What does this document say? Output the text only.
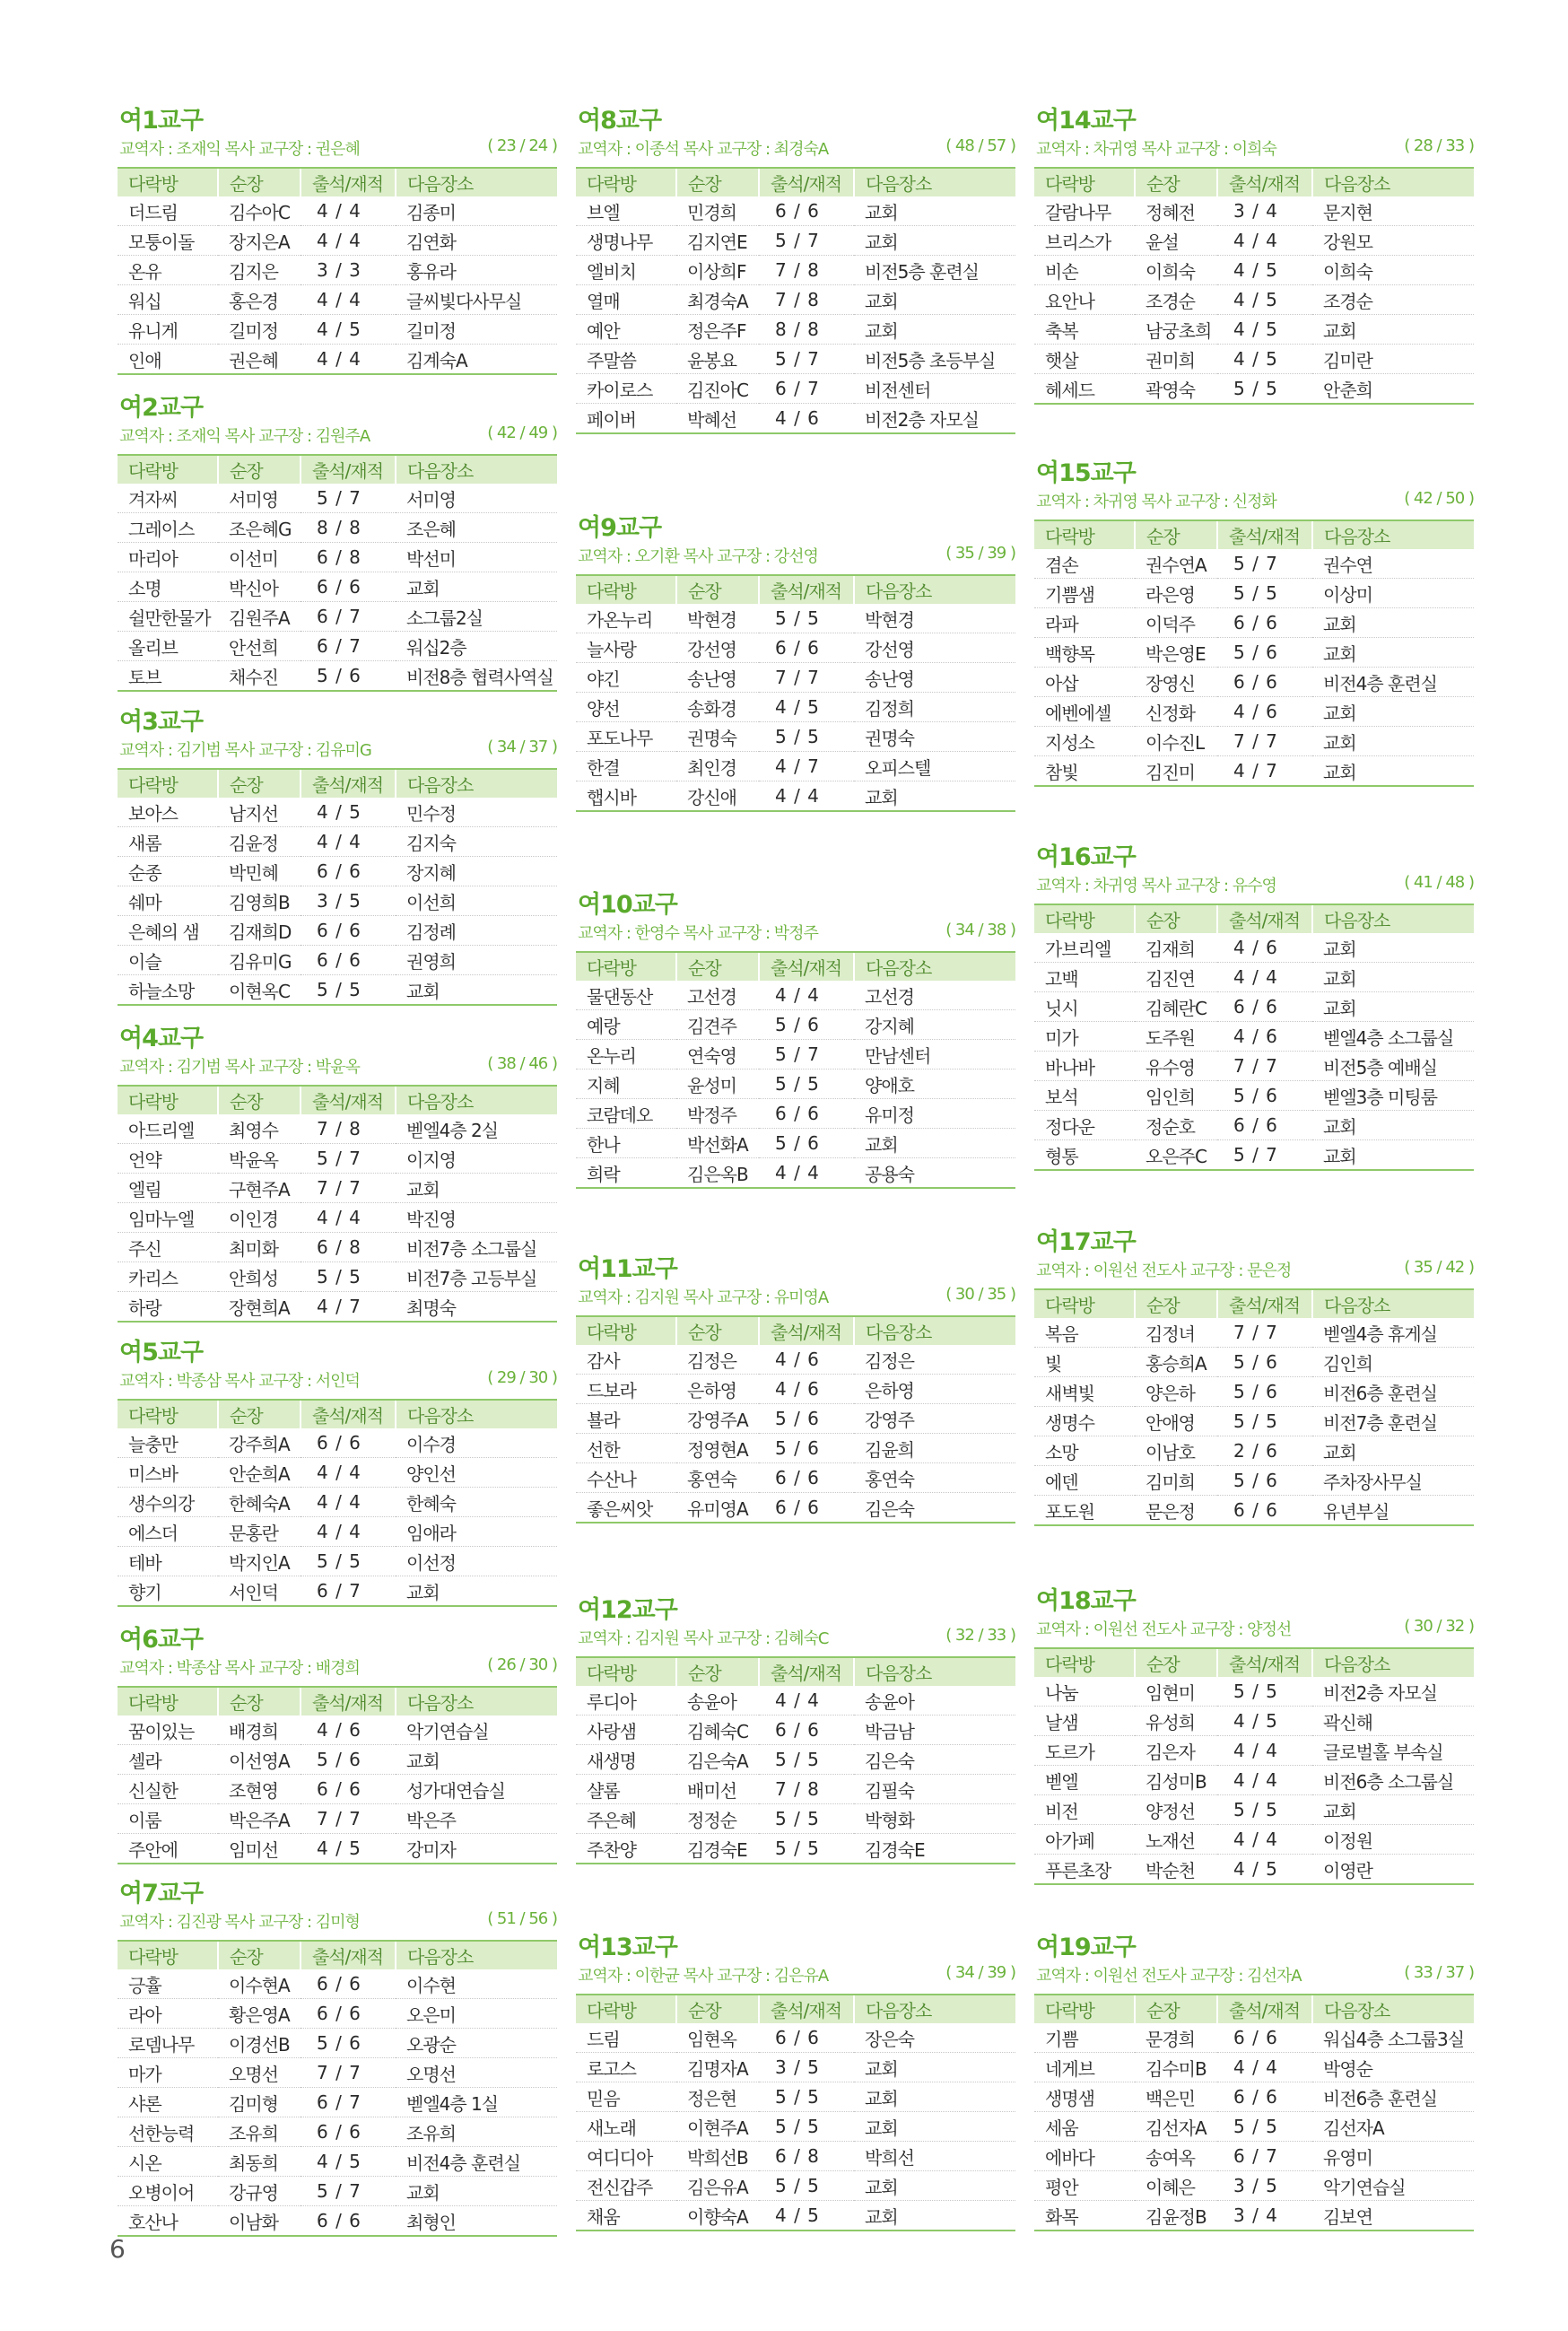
여1교구
교역자 : 조재익 목사 교구장 : 권은혜	( 23 / 24 )
다락방	순장	출석/재적	다음장소
더드림	김수아C	4 / 4	김종미
모퉁이돌	장지은A	4 / 4	김연화
온유	김지은	3 / 3	홍유라
워십	홍은경	4 / 4	글씨빛다사무실
유니게	길미정	4 / 5	길미정
인애	권은혜	4 / 4	김계숙A
여2교구
교역자 : 조재익 목사 교구장 : 김원주A	( 42 / 49 )
다락방	순장	출석/재적	다음장소
겨자씨	서미영	5 / 7	서미영
그레이스	조은혜G	8 / 8	조은혜
마리아	이선미	6 / 8	박선미
소명	박신아	6 / 6	교회
쉴만한물가	김원주A	6 / 7	소그룹2실
올리브	안선희	6 / 7	워십2층
토브	채수진	5 / 6	비전8층 협력사역실
여3교구
교역자 : 김기범 목사 교구장 : 김유미G	( 34 / 37 )
다락방	순장	출석/재적	다음장소
보아스	남지선	4 / 5	민수정
새롬	김윤정	4 / 4	김지숙
순종	박민혜	6 / 6	장지혜
쉐마	김영희B	3 / 5	이선희
은혜의 샘	김재희D	6 / 6	김정례
이슬	김유미G	6 / 6	권영희
하늘소망	이현옥C	5 / 5	교회
여4교구
교역자 : 김기범 목사 교구장 : 박윤옥	( 38 / 46 )
다락방	순장	출석/재적	다음장소
아드리엘	최영수	7 / 8	벧엘4층 2실
언약	박윤옥	5 / 7	이지영
엘림	구현주A	7 / 7	교회
임마누엘	이인경	4 / 4	박진영
주신	최미화	6 / 8	비전7층 소그룹실
카리스	안희성	5 / 5	비전7층 고등부실
하랑	장현희A	4 / 7	최명숙
여5교구
교역자 : 박종삼 목사 교구장 : 서인덕	( 29 / 30 )
다락방	순장	출석/재적	다음장소
늘충만	강주희A	6 / 6	이수경
미스바	안순희A	4 / 4	양인선
생수의강	한혜숙A	4 / 4	한혜숙
에스더	문홍란	4 / 4	임애라
테바	박지인A	5 / 5	이선정
향기	서인덕	6 / 7	교회
여6교구
교역자 : 박종삼 목사 교구장 : 배경희	( 26 / 30 )
다락방	순장	출석/재적	다음장소
꿈이있는	배경희	4 / 6	악기연습실
셀라	이선영A	5 / 6	교회
신실한	조현영	6 / 6	성가대연습실
이룸	박은주A	7 / 7	박은주
주안에	임미선	4 / 5	강미자
여7교구
교역자 : 김진광 목사 교구장 : 김미형	( 51 / 56 )
다락방	순장	출석/재적	다음장소
긍휼	이수현A	6 / 6	이수현
라아	황은영A	6 / 6	오은미
로뎀나무	이경선B	5 / 6	오광순
마가	오명선	7 / 7	오명선
샤론	김미형	6 / 7	벧엘4층 1실
선한능력	조유희	6 / 6	조유희
시온	최동희	4 / 5	비전4층 훈련실
오병이어	강규영	5 / 7	교회
호산나	이남화	6 / 6	최형인
여8교구
교역자 : 이종석 목사 교구장 : 최경숙A	( 48 / 57 )
다락방	순장	출석/재적	다음장소
브엘	민경희	6 / 6	교회
생명나무	김지연E	5 / 7	교회
엘비치	이상희F	7 / 8	비전5층 훈련실
열매	최경숙A	7 / 8	교회
예안	정은주F	8 / 8	교회
주말씀	윤봉요	5 / 7	비전5층 초등부실
카이로스	김진아C	6 / 7	비전센터
페이버	박혜선	4 / 6	비전2층 자모실
여9교구
교역자 : 오기환 목사 교구장 : 강선영	( 35 / 39 )
다락방	순장	출석/재적	다음장소
가온누리	박현경	5 / 5	박현경
늘사랑	강선영	6 / 6	강선영
야긴	송난영	7 / 7	송난영
양선	송화경	4 / 5	김정희
포도나무	권명숙	5 / 5	권명숙
한결	최인경	4 / 7	오피스텔
햅시바	강신애	4 / 4	교회
여10교구
교역자 : 한영수 목사 교구장 : 박정주	( 34 / 38 )
다락방	순장	출석/재적	다음장소
물댄동산	고선경	4 / 4	고선경
예랑	김견주	5 / 6	강지혜
온누리	연숙영	5 / 7	만남센터
지혜	윤성미	5 / 5	양애호
코람데오	박정주	6 / 6	유미정
한나	박선화A	5 / 6	교회
희락	김은옥B	4 / 4	공용숙
여11교구
교역자 : 김지원 목사 교구장 : 유미영A	( 30 / 35 )
다락방	순장	출석/재적	다음장소
감사	김정은	4 / 6	김정은
드보라	은하영	4 / 6	은하영
뵬라	강영주A	5 / 6	강영주
선한	정영현A	5 / 6	김윤희
수산나	홍연숙	6 / 6	홍연숙
좋은씨앗	유미영A	6 / 6	김은숙
여12교구
교역자 : 김지원 목사 교구장 : 김혜숙C	( 32 / 33 )
다락방	순장	출석/재적	다음장소
루디아	송윤아	4 / 4	송윤아
사랑샘	김혜숙C	6 / 6	박금남
새생명	김은숙A	5 / 5	김은숙
샬롬	배미선	7 / 8	김필숙
주은혜	정정순	5 / 5	박형화
주찬양	김경숙E	5 / 5	김경숙E
여13교구
교역자 : 이한균 목사 교구장 : 김은유A	( 34 / 39 )
다락방	순장	출석/재적	다음장소
드림	임현옥	6 / 6	장은숙
로고스	김명자A	3 / 5	교회
믿음	정은현	5 / 5	교회
새노래	이현주A	5 / 5	교회
여디디아	박희선B	6 / 8	박희선
전신갑주	김은유A	5 / 5	교회
채움	이향숙A	4 / 5	교회
여14교구
교역자 : 차귀영 목사 교구장 : 이희숙	( 28 / 33 )
다락방	순장	출석/재적	다음장소
갈람나무	정혜전	3 / 4	문지현
브리스가	윤설	4 / 4	강원모
비손	이희숙	4 / 5	이희숙
요안나	조경순	4 / 5	조경순
축복	남궁초희	4 / 5	교회
햇살	권미희	4 / 5	김미란
헤세드	곽영숙	5 / 5	안춘희
여15교구
교역자 : 차귀영 목사 교구장 : 신정화	( 42 / 50 )
다락방	순장	출석/재적	다음장소
겸손	권수연A	5 / 7	권수연
기쁨샘	라은영	5 / 5	이상미
라파	이덕주	6 / 6	교회
백향목	박은영E	5 / 6	교회
아삽	장영신	6 / 6	비전4층 훈련실
에벤에셀	신정화	4 / 6	교회
지성소	이수진L	7 / 7	교회
참빛	김진미	4 / 7	교회
여16교구
교역자 : 차귀영 목사 교구장 : 유수영	( 41 / 48 )
다락방	순장	출석/재적	다음장소
가브리엘	김재희	4 / 6	교회
고백	김진연	4 / 4	교회
닛시	김혜란C	6 / 6	교회
미가	도주원	4 / 6	벧엘4층 소그룹실
바나바	유수영	7 / 7	비전5층 예배실
보석	임인희	5 / 6	벧엘3층 미팅룸
정다운	정순호	6 / 6	교회
형통	오은주C	5 / 7	교회
여17교구
교역자 : 이원선 전도사 교구장 : 문은정	( 35 / 42 )
다락방	순장	출석/재적	다음장소
복음	김정녀	7 / 7	벧엘4층 휴게실
빛	홍승희A	5 / 6	김인희
새벽빛	양은하	5 / 6	비전6층 훈련실
생명수	안애영	5 / 5	비전7층 훈련실
소망	이남호	2 / 6	교회
에덴	김미희	5 / 6	주차장사무실
포도원	문은정	6 / 6	유년부실
여18교구
교역자 : 이원선 전도사 교구장 : 양정선	( 30 / 32 )
다락방	순장	출석/재적	다음장소
나눔	임현미	5 / 5	비전2층 자모실
날샘	유성희	4 / 5	곽신해
도르가	김은자	4 / 4	글로벌홀 부속실
벧엘	김성미B	4 / 4	비전6층 소그룹실
비전	양정선	5 / 5	교회
아가페	노재선	4 / 4	이정원
푸른초장	박순천	4 / 5	이영란
여19교구
교역자 : 이원선 전도사 교구장 : 김선자A	( 33 / 37 )
다락방	순장	출석/재적	다음장소
기쁨	문경희	6 / 6	워십4층 소그룹3실
네게브	김수미B	4 / 4	박영순
생명샘	백은민	6 / 6	비전6층 훈련실
세움	김선자A	5 / 5	김선자A
에바다	송여옥	6 / 7	유영미
평안	이혜은	3 / 5	악기연습실
화목	김윤정B	3 / 4	김보연
6
